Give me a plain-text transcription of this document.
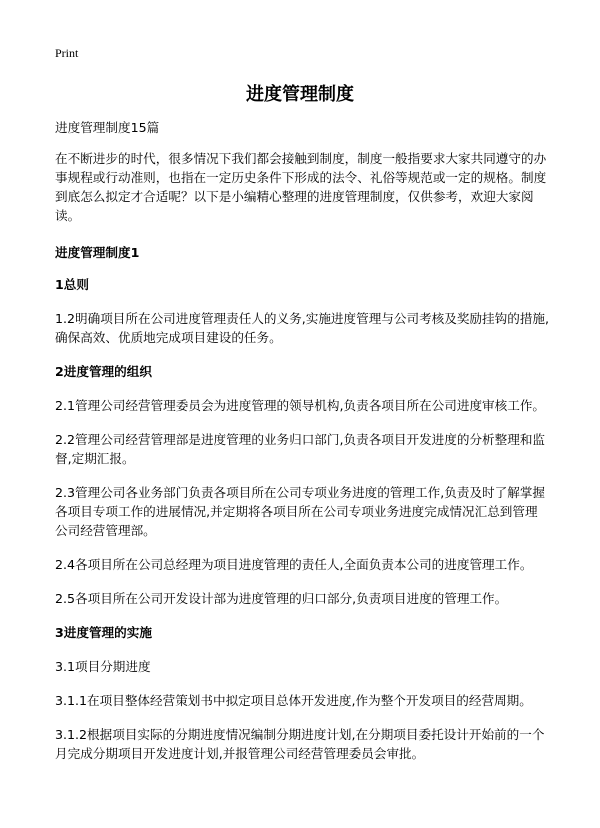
Print
进度管理制度

进度管理制度15篇

在不断进步的时代，很多情况下我们都会接触到制度，制度一般指要求大家共同遵守的办事规程或行动准则，也指在一定历史条件下形成的法令、礼俗等规范或一定的规格。制度到底怎么拟定才合适呢？以下是小编精心整理的进度管理制度，仅供参考，欢迎大家阅读。

进度管理制度1
1总则

1.2明确项目所在公司进度管理责任人的义务,实施进度管理与公司考核及奖励挂钩的措施,确保高效、优质地完成项目建设的任务。

2进度管理的组织

2.1管理公司经营管理委员会为进度管理的领导机构,负责各项目所在公司进度审核工作。

2.2管理公司经营管理部是进度管理的业务归口部门,负责各项目开发进度的分析整理和监督,定期汇报。

2.3管理公司各业务部门负责各项目所在公司专项业务进度的管理工作,负责及时了解掌握各项目专项工作的进展情况,并定期将各项目所在公司专项业务进度完成情况汇总到管理公司经营管理部。

2.4各项目所在公司总经理为项目进度管理的责任人,全面负责本公司的进度管理工作。

2.5各项目所在公司开发设计部为进度管理的归口部分,负责项目进度的管理工作。

3进度管理的实施

3.1项目分期进度

3.1.1在项目整体经营策划书中拟定项目总体开发进度,作为整个开发项目的经营周期。

3.1.2根据项目实际的分期进度情况编制分期进度计划,在分期项目委托设计开始前的一个月完成分期项目开发进度计划,并报管理公司经营管理委员会审批。
